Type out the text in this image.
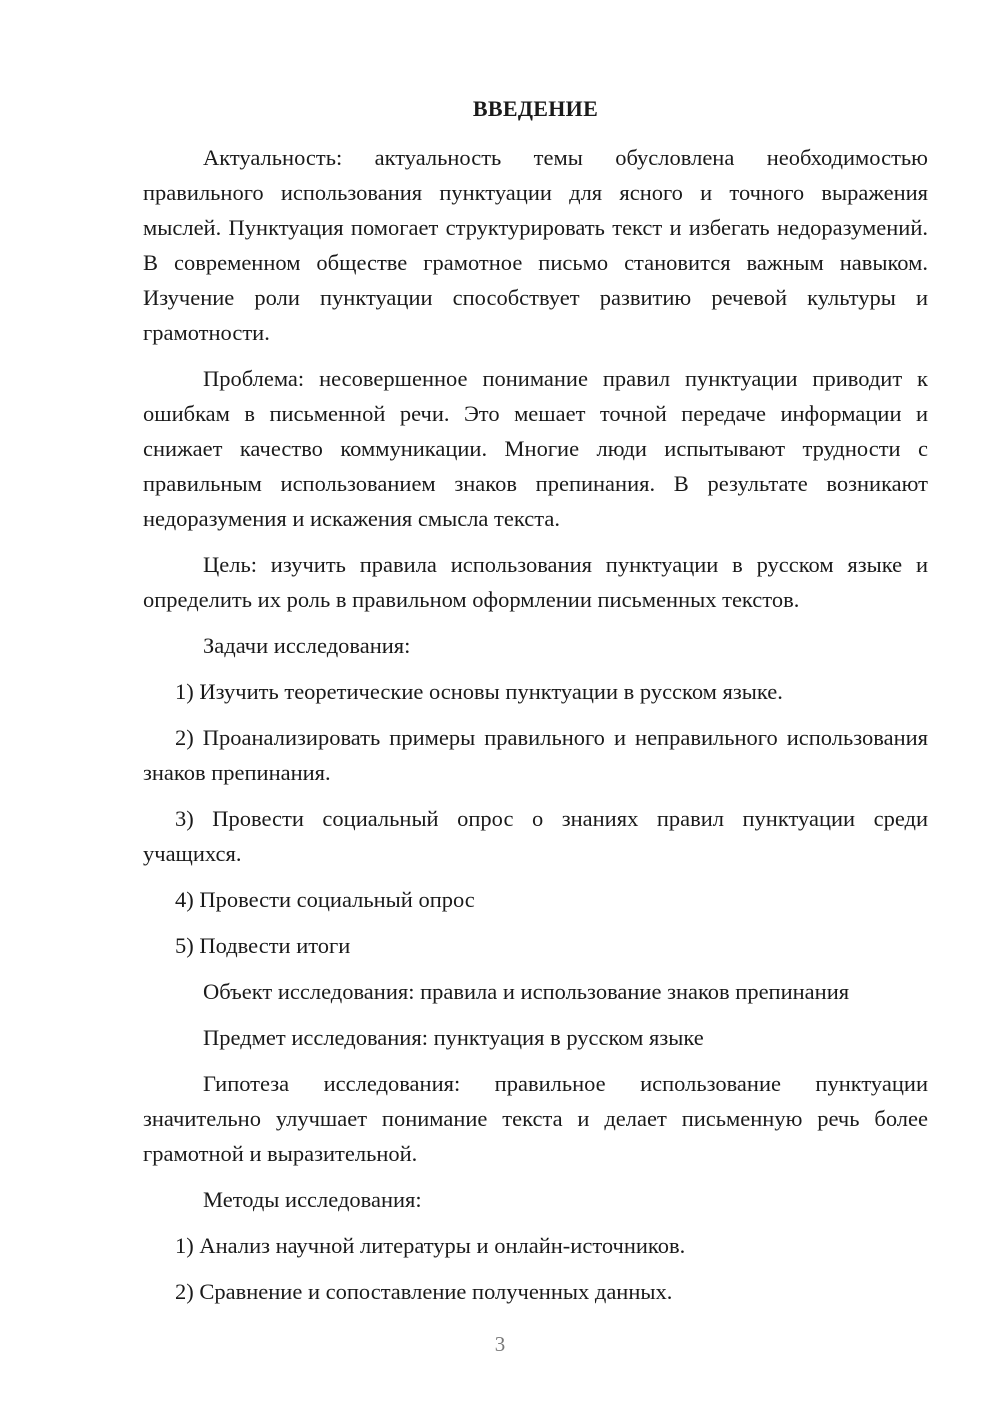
ВВЕДЕНИЕ

Актуальность: актуальность темы обусловлена необходимостью правильного использования пунктуации для ясного и точного выражения мыслей. Пунктуация помогает структурировать текст и избегать недоразумений. В современном обществе грамотное письмо становится важным навыком. Изучение роли пунктуации способствует развитию речевой культуры и грамотности.

Проблема: несовершенное понимание правил пунктуации приводит к ошибкам в письменной речи. Это мешает точной передаче информации и снижает качество коммуникации. Многие люди испытывают трудности с правильным использованием знаков препинания. В результате возникают недоразумения и искажения смысла текста.

Цель: изучить правила использования пунктуации в русском языке и определить их роль в правильном оформлении письменных текстов.

Задачи исследования:

1) Изучить теоретические основы пунктуации в русском языке.

2) Проанализировать примеры правильного и неправильного использования знаков препинания.

3) Провести социальный опрос о знаниях правил пунктуации среди учащихся.

4) Провести социальный опрос

5) Подвести итоги

Объект исследования: правила и использование знаков препинания

Предмет исследования: пунктуация в русском языке

Гипотеза исследования: правильное использование пунктуации значительно улучшает понимание текста и делает письменную речь более грамотной и выразительной.

Методы исследования:

1) Анализ научной литературы и онлайн-источников.

2) Сравнение и сопоставление полученных данных.

3
